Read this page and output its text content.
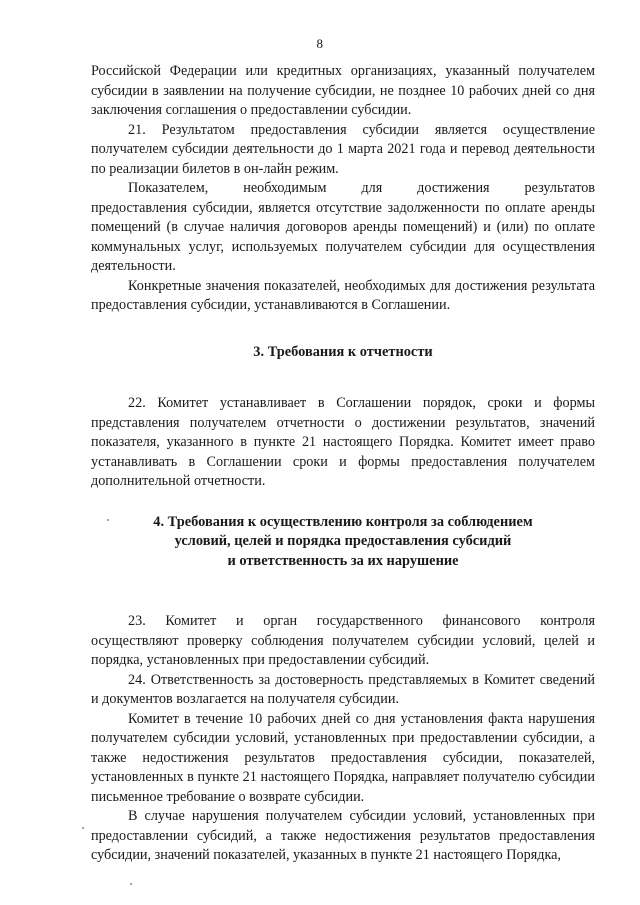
8

Российской Федерации или кредитных организациях, указанный получателем субсидии в заявлении на получение субсидии, не позднее 10 рабочих дней со дня заключения соглашения о предоставлении субсидии.

21. Результатом предоставления субсидии является осуществление получателем субсидии деятельности до 1 марта 2021 года и перевод деятельности по реализации билетов в он-лайн режим.

Показателем, необходимым для достижения результатов
предоставления субсидии, является отсутствие задолженности по оплате аренды помещений (в случае наличия договоров аренды помещений) и (или) по оплате коммунальных услуг, используемых получателем субсидии для осуществления деятельности.

Конкретные значения показателей, необходимых для достижения результата предоставления субсидии, устанавливаются в Соглашении.

3. Требования к отчетности

22. Комитет устанавливает в Соглашении порядок, сроки и формы представления получателем отчетности о достижении результатов, значений показателя, указанного в пункте 21 настоящего Порядка. Комитет имеет право устанавливать в Соглашении сроки и формы предоставления получателем дополнительной отчетности.

4. Требования к осуществлению контроля за соблюдением
условий, целей и порядка предоставления субсидий
и ответственность за их нарушение

23. Комитет и орган государственного финансового контроля
осуществляют проверку соблюдения получателем субсидии условий, целей и порядка, установленных при предоставлении субсидий.

24. Ответственность за достоверность представляемых в Комитет сведений и документов возлагается на получателя субсидии.

Комитет в течение 10 рабочих дней со дня установления факта нарушения получателем субсидии условий, установленных при предоставлении субсидии, а также недостижения результатов предоставления субсидии, показателей, установленных в пункте 21 настоящего Порядка, направляет получателю субсидии письменное требование о возврате субсидии.

В случае нарушения получателем субсидии условий, установленных при предоставлении субсидий, а также недостижения результатов предоставления субсидии, значений показателей, указанных в пункте 21 настоящего Порядка,
